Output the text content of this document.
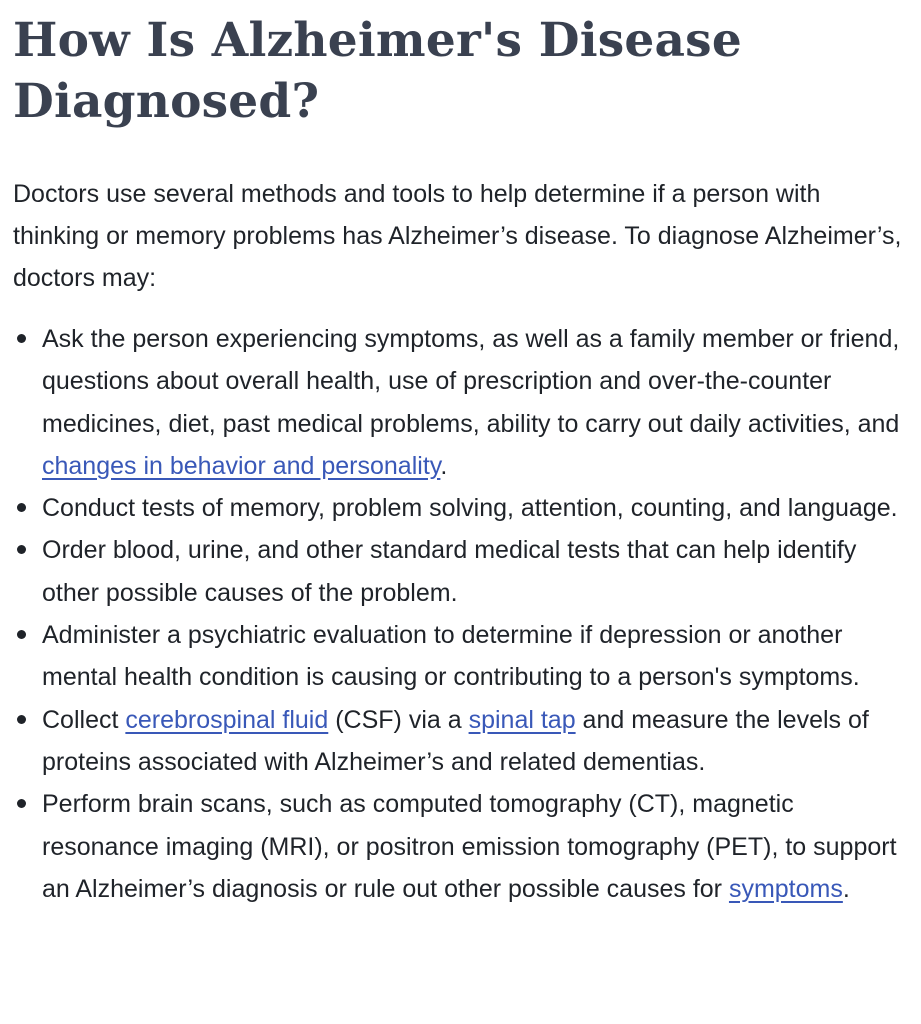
How Is Alzheimer's Disease Diagnosed?

Doctors use several methods and tools to help determine if a person with thinking or memory problems has Alzheimer’s disease. To diagnose Alzheimer’s, doctors may:

Ask the person experiencing symptoms, as well as a family member or friend, questions about overall health, use of prescription and over-the-counter medicines, diet, past medical problems, ability to carry out daily activities, and changes in behavior and personality.
Conduct tests of memory, problem solving, attention, counting, and language.
Order blood, urine, and other standard medical tests that can help identify other possible causes of the problem.
Administer a psychiatric evaluation to determine if depression or another mental health condition is causing or contributing to a person's symptoms.
Collect cerebrospinal fluid (CSF) via a spinal tap and measure the levels of proteins associated with Alzheimer’s and related dementias.
Perform brain scans, such as computed tomography (CT), magnetic resonance imaging (MRI), or positron emission tomography (PET), to support an Alzheimer’s diagnosis or rule out other possible causes for symptoms.
